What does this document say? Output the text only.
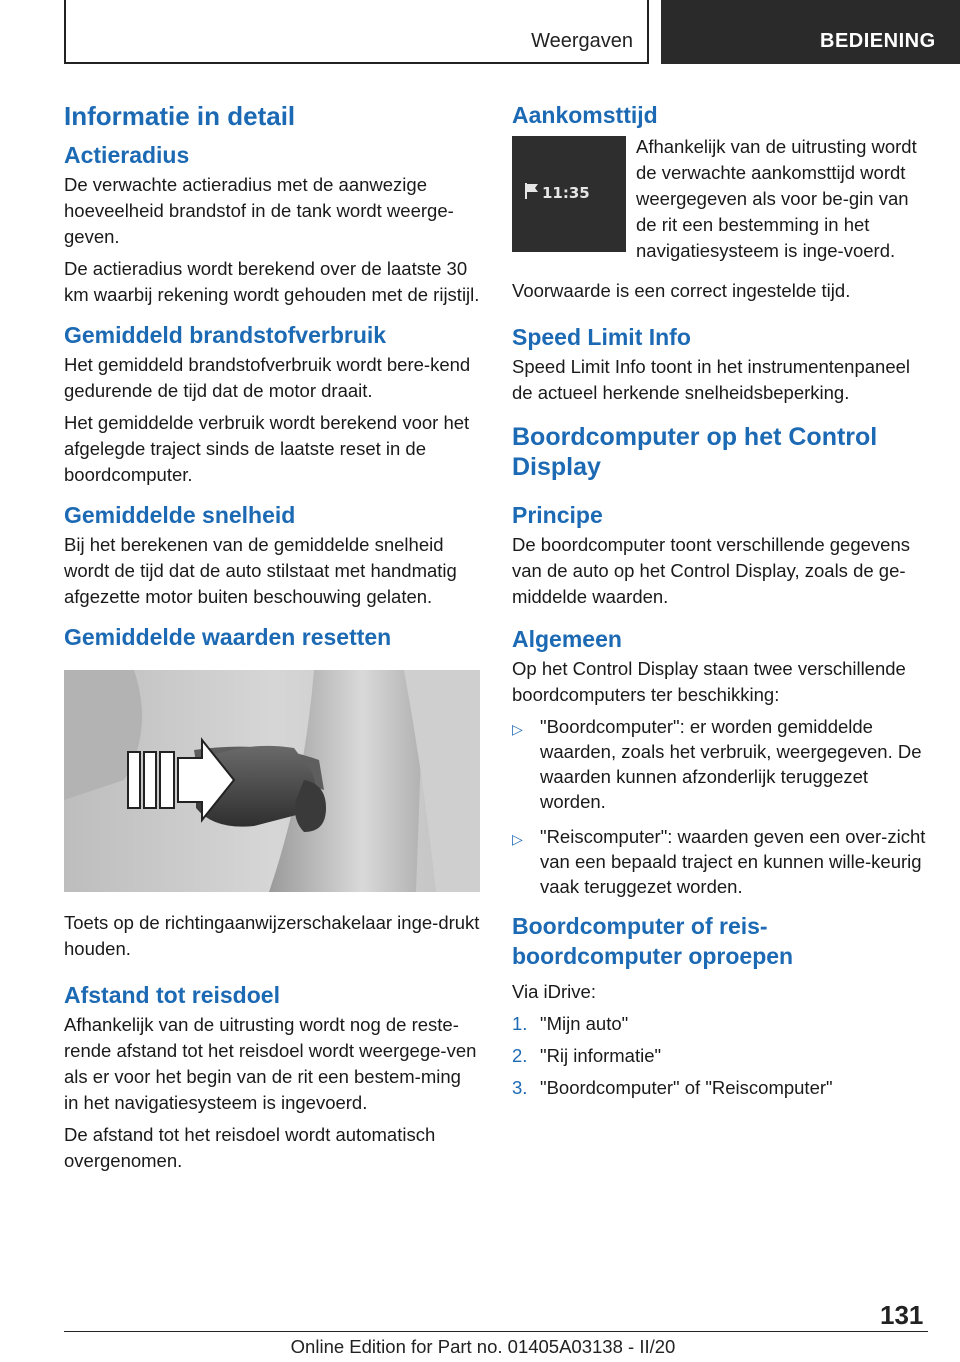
Weergaven	BEDIENING
Informatie in detail
Actieradius

De verwachte actieradius met de aanwezige hoeveelheid brandstof in de tank wordt weerge-geven.

De actieradius wordt berekend over de laatste 30 km waarbij rekening wordt gehouden met de rijstijl.

Gemiddeld brandstofverbruik

Het gemiddeld brandstofverbruik wordt bere-kend gedurende de tijd dat de motor draait.

Het gemiddelde verbruik wordt berekend voor het afgelegde traject sinds de laatste reset in de boordcomputer.

Gemiddelde snelheid

Bij het berekenen van de gemiddelde snelheid wordt de tijd dat de auto stilstaat met handmatig afgezette motor buiten beschouwing gelaten.

Gemiddelde waarden resetten

Toets op de richtingaanwijzerschakelaar inge-drukt houden.

Afstand tot reisdoel

Afhankelijk van de uitrusting wordt nog de reste-rende afstand tot het reisdoel wordt weergege-ven als er voor het begin van de rit een bestem-ming in het navigatiesysteem is ingevoerd.

De afstand tot het reisdoel wordt automatisch overgenomen.

Aankomsttijd
11:35

Afhankelijk van de uitrusting wordt de verwachte aankomsttijd wordt weergegeven als voor be-gin van de rit een bestemming in het navigatiesysteem is inge-voerd.

Voorwaarde is een correct ingestelde tijd.

Speed Limit Info

Speed Limit Info toont in het instrumentenpaneel de actueel herkende snelheidsbeperking.

Boordcomputer op het Control Display
Principe

De boordcomputer toont verschillende gegevens van de auto op het Control Display, zoals de ge-middelde waarden.

Algemeen

Op het Control Display staan twee verschillende boordcomputers ter beschikking:

▷ "Boordcomputer": er worden gemiddelde waarden, zoals het verbruik, weergegeven. De waarden kunnen afzonderlijk teruggezet worden.
▷ "Reiscomputer": waarden geven een over-zicht van een bepaald traject en kunnen wille-keurig vaak teruggezet worden.
Boordcomputer of reis-boordcomputer oproepen

Via iDrive:

1. "Mijn auto"
2. "Rij informatie"
3. "Boordcomputer" of "Reiscomputer"
131
Online Edition for Part no. 01405A03138 - II/20
